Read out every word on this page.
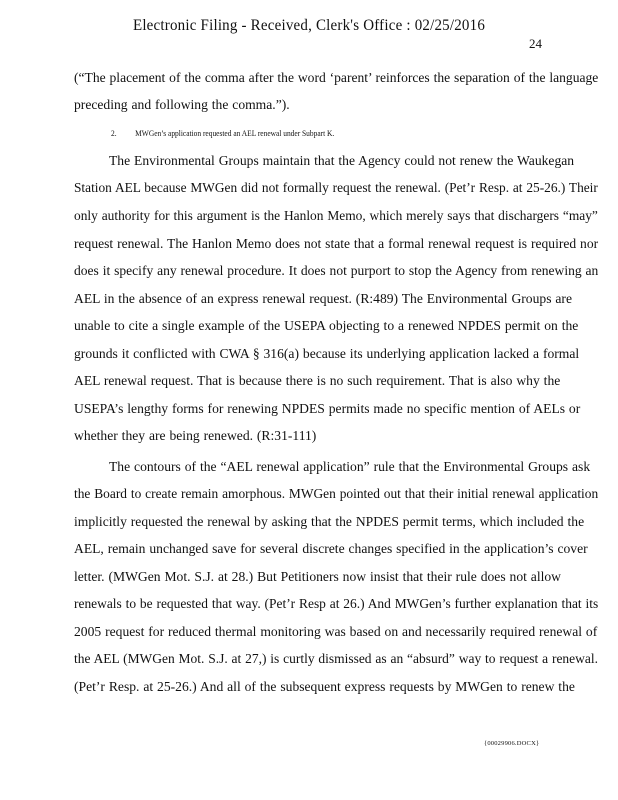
Electronic Filing - Received, Clerk's Office : 02/25/2016
24
(“The placement of the comma after the word ‘parent’ reinforces the separation of the language
preceding and following the comma.”).
2. MWGen’s application requested an AEL renewal under Subpart K.
The Environmental Groups maintain that the Agency could not renew the Waukegan
Station AEL because MWGen did not formally request the renewal. (Pet’r Resp. at 25-26.) Their
only authority for this argument is the Hanlon Memo, which merely says that dischargers “may”
request renewal. The Hanlon Memo does not state that a formal renewal request is required nor
does it specify any renewal procedure. It does not purport to stop the Agency from renewing an
AEL in the absence of an express renewal request. (R:489) The Environmental Groups are
unable to cite a single example of the USEPA objecting to a renewed NPDES permit on the
grounds it conflicted with CWA § 316(a) because its underlying application lacked a formal
AEL renewal request. That is because there is no such requirement. That is also why the
USEPA’s lengthy forms for renewing NPDES permits made no specific mention of AELs or
whether they are being renewed. (R:31-111)
The contours of the “AEL renewal application” rule that the Environmental Groups ask
the Board to create remain amorphous. MWGen pointed out that their initial renewal application
implicitly requested the renewal by asking that the NPDES permit terms, which included the
AEL, remain unchanged save for several discrete changes specified in the application’s cover
letter. (MWGen Mot. S.J. at 28.) But Petitioners now insist that their rule does not allow
renewals to be requested that way. (Pet’r Resp at 26.) And MWGen’s further explanation that its
2005 request for reduced thermal monitoring was based on and necessarily required renewal of
the AEL (MWGen Mot. S.J. at 27,) is curtly dismissed as an “absurd” way to request a renewal.
(Pet’r Resp. at 25-26.) And all of the subsequent express requests by MWGen to renew the
{00029906.DOCX}
